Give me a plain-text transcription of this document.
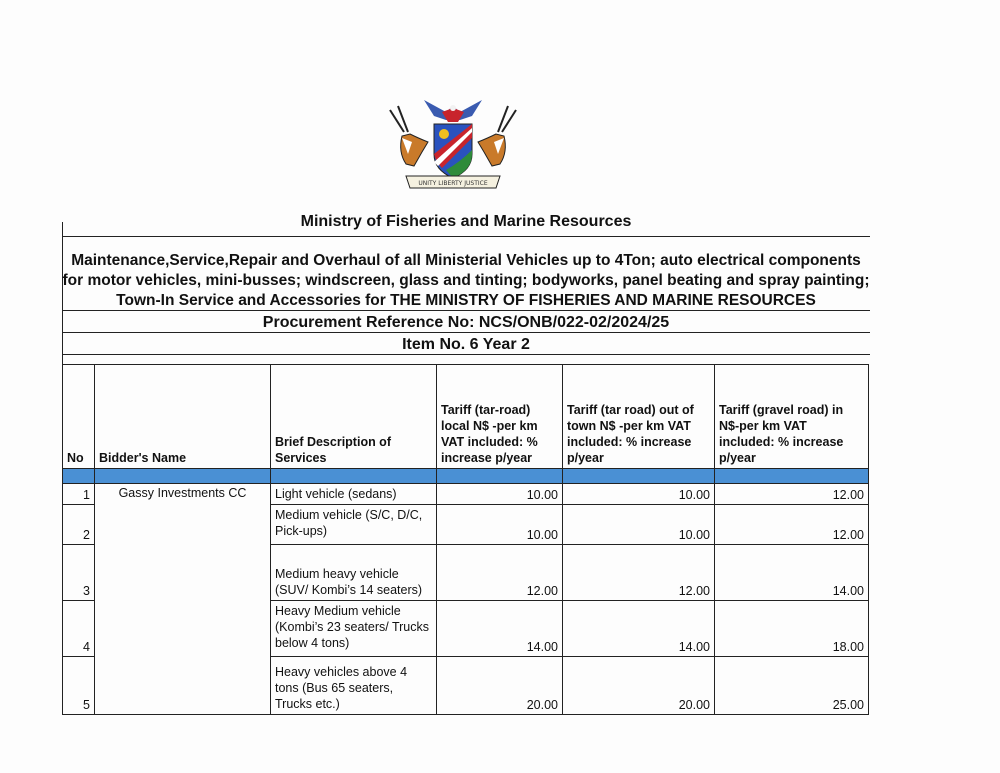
UNITY LIBERTY JUSTICE
Ministry of Fisheries and Marine Resources
Maintenance,Service,Repair and Overhaul of all Ministerial Vehicles up to 4Ton; auto electrical components
for motor vehicles, mini-busses; windscreen, glass and tinting; bodyworks, panel beating and spray painting;
Town-In Service and Accessories for THE MINISTRY OF FISHERIES AND MARINE RESOURCES
Procurement Reference No: NCS/ONB/022-02/2024/25
Item No. 6 Year 2
No	Bidder's Name	Brief Description of Services	Tariff (tar-road) local N$ -per km VAT included: % increase p/year	Tariff (tar road) out of town N$ -per km VAT included: % increase p/year	Tariff (gravel road) in N$-per km VAT included: % increase p/year

1	Gassy Investments CC	Light vehicle (sedans)	10.00	10.00	12.00
2		Medium vehicle (S/C, D/C, Pick-ups)	10.00	10.00	12.00
3		Medium heavy vehicle (SUV/ Kombi’s 14 seaters)	12.00	12.00	14.00
4		Heavy Medium vehicle (Kombi’s 23 seaters/ Trucks below 4 tons)	14.00	14.00	18.00
5		Heavy vehicles above 4 tons (Bus 65 seaters, Trucks etc.)	20.00	20.00	25.00
